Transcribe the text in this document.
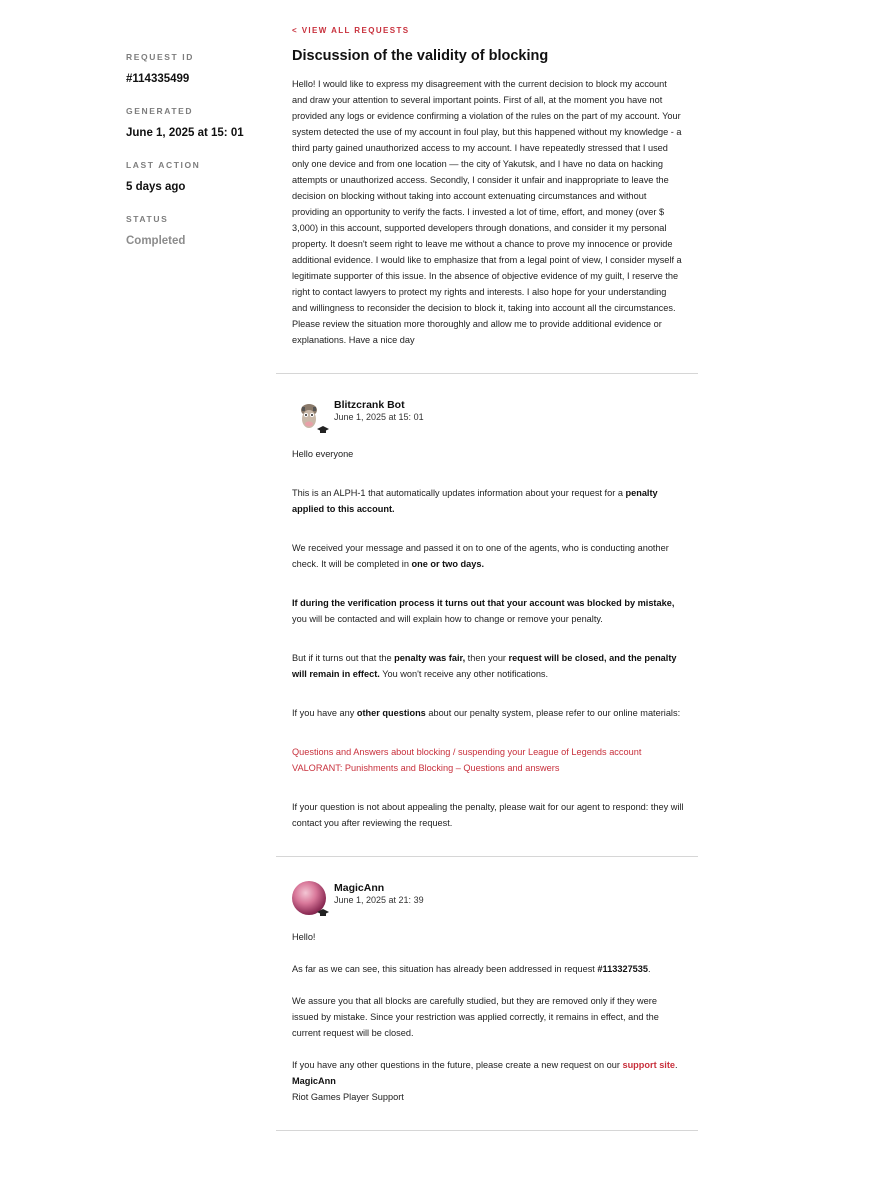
REQUEST ID
#114335499
GENERATED
June 1, 2025 at 15: 01
LAST ACTION
5 days ago
STATUS
Completed
< VIEW ALL REQUESTS
Discussion of the validity of blocking
Hello! I would like to express my disagreement with the current decision to block my account and draw your attention to several important points. First of all, at the moment you have not provided any logs or evidence confirming a violation of the rules on the part of my account. Your system detected the use of my account in foul play, but this happened without my knowledge - a third party gained unauthorized access to my account. I have repeatedly stressed that I used only one device and from one location — the city of Yakutsk, and I have no data on hacking attempts or unauthorized access. Secondly, I consider it unfair and inappropriate to leave the decision on blocking without taking into account extenuating circumstances and without providing an opportunity to verify the facts. I invested a lot of time, effort, and money (over $ 3,000) in this account, supported developers through donations, and consider it my personal property. It doesn't seem right to leave me without a chance to prove my innocence or provide additional evidence. I would like to emphasize that from a legal point of view, I consider myself a legitimate supporter of this issue. In the absence of objective evidence of my guilt, I reserve the right to contact lawyers to protect my rights and interests. I also hope for your understanding and willingness to reconsider the decision to block it, taking into account all the circumstances. Please review the situation more thoroughly and allow me to provide additional evidence or explanations. Have a nice day
Blitzcrank Bot
June 1, 2025 at 15: 01

Hello everyone

This is an ALPH-1 that automatically updates information about your request for a penalty applied to this account.

We received your message and passed it on to one of the agents, who is conducting another check. It will be completed in one or two days.

If during the verification process it turns out that your account was blocked by mistake, you will be contacted and will explain how to change or remove your penalty.

But if it turns out that the penalty was fair, then your request will be closed, and the penalty will remain in effect. You won't receive any other notifications.

If you have any other questions about our penalty system, please refer to our online materials:

Questions and Answers about blocking / suspending your League of Legends account
VALORANT: Punishments and Blocking – Questions and answers

If your question is not about appealing the penalty, please wait for our agent to respond: they will contact you after reviewing the request.

MagicAnn
June 1, 2025 at 21: 39

Hello!

As far as we can see, this situation has already been addressed in request #113327535.

We assure you that all blocks are carefully studied, but they are removed only if they were issued by mistake. Since your restriction was applied correctly, it remains in effect, and the current request will be closed.

If you have any other questions in the future, please create a new request on our support site.

MagicAnn

Riot Games Player Support
